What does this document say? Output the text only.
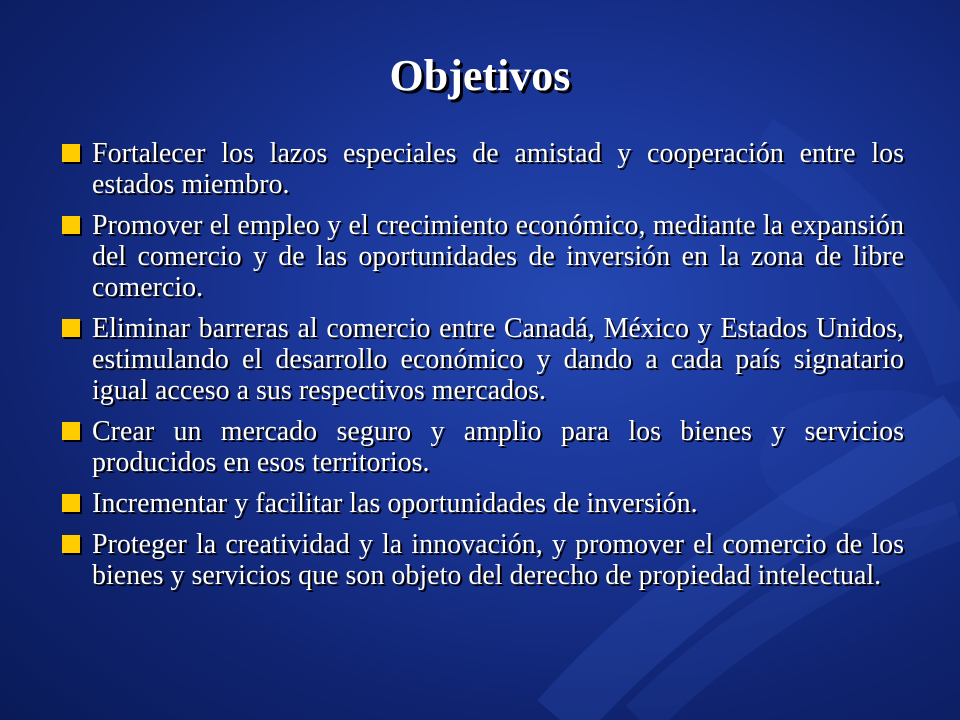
Objetivos
Fortalecer los lazos especiales de amistad y cooperación entre los estados miembro.
Promover el empleo y el crecimiento económico, mediante la expansión del comercio y de las oportunidades de inversión en la zona de libre comercio.
Eliminar barreras al comercio entre Canadá, México y Estados Unidos, estimulando el desarrollo económico y dando a cada país signatario igual acceso a sus respectivos mercados.
Crear un mercado seguro y amplio para los bienes y servicios producidos en esos territorios.
Incrementar y facilitar las oportunidades de inversión.
Proteger la creatividad y la innovación, y promover el comercio de los bienes y servicios que son objeto del derecho de propiedad intelectual.
